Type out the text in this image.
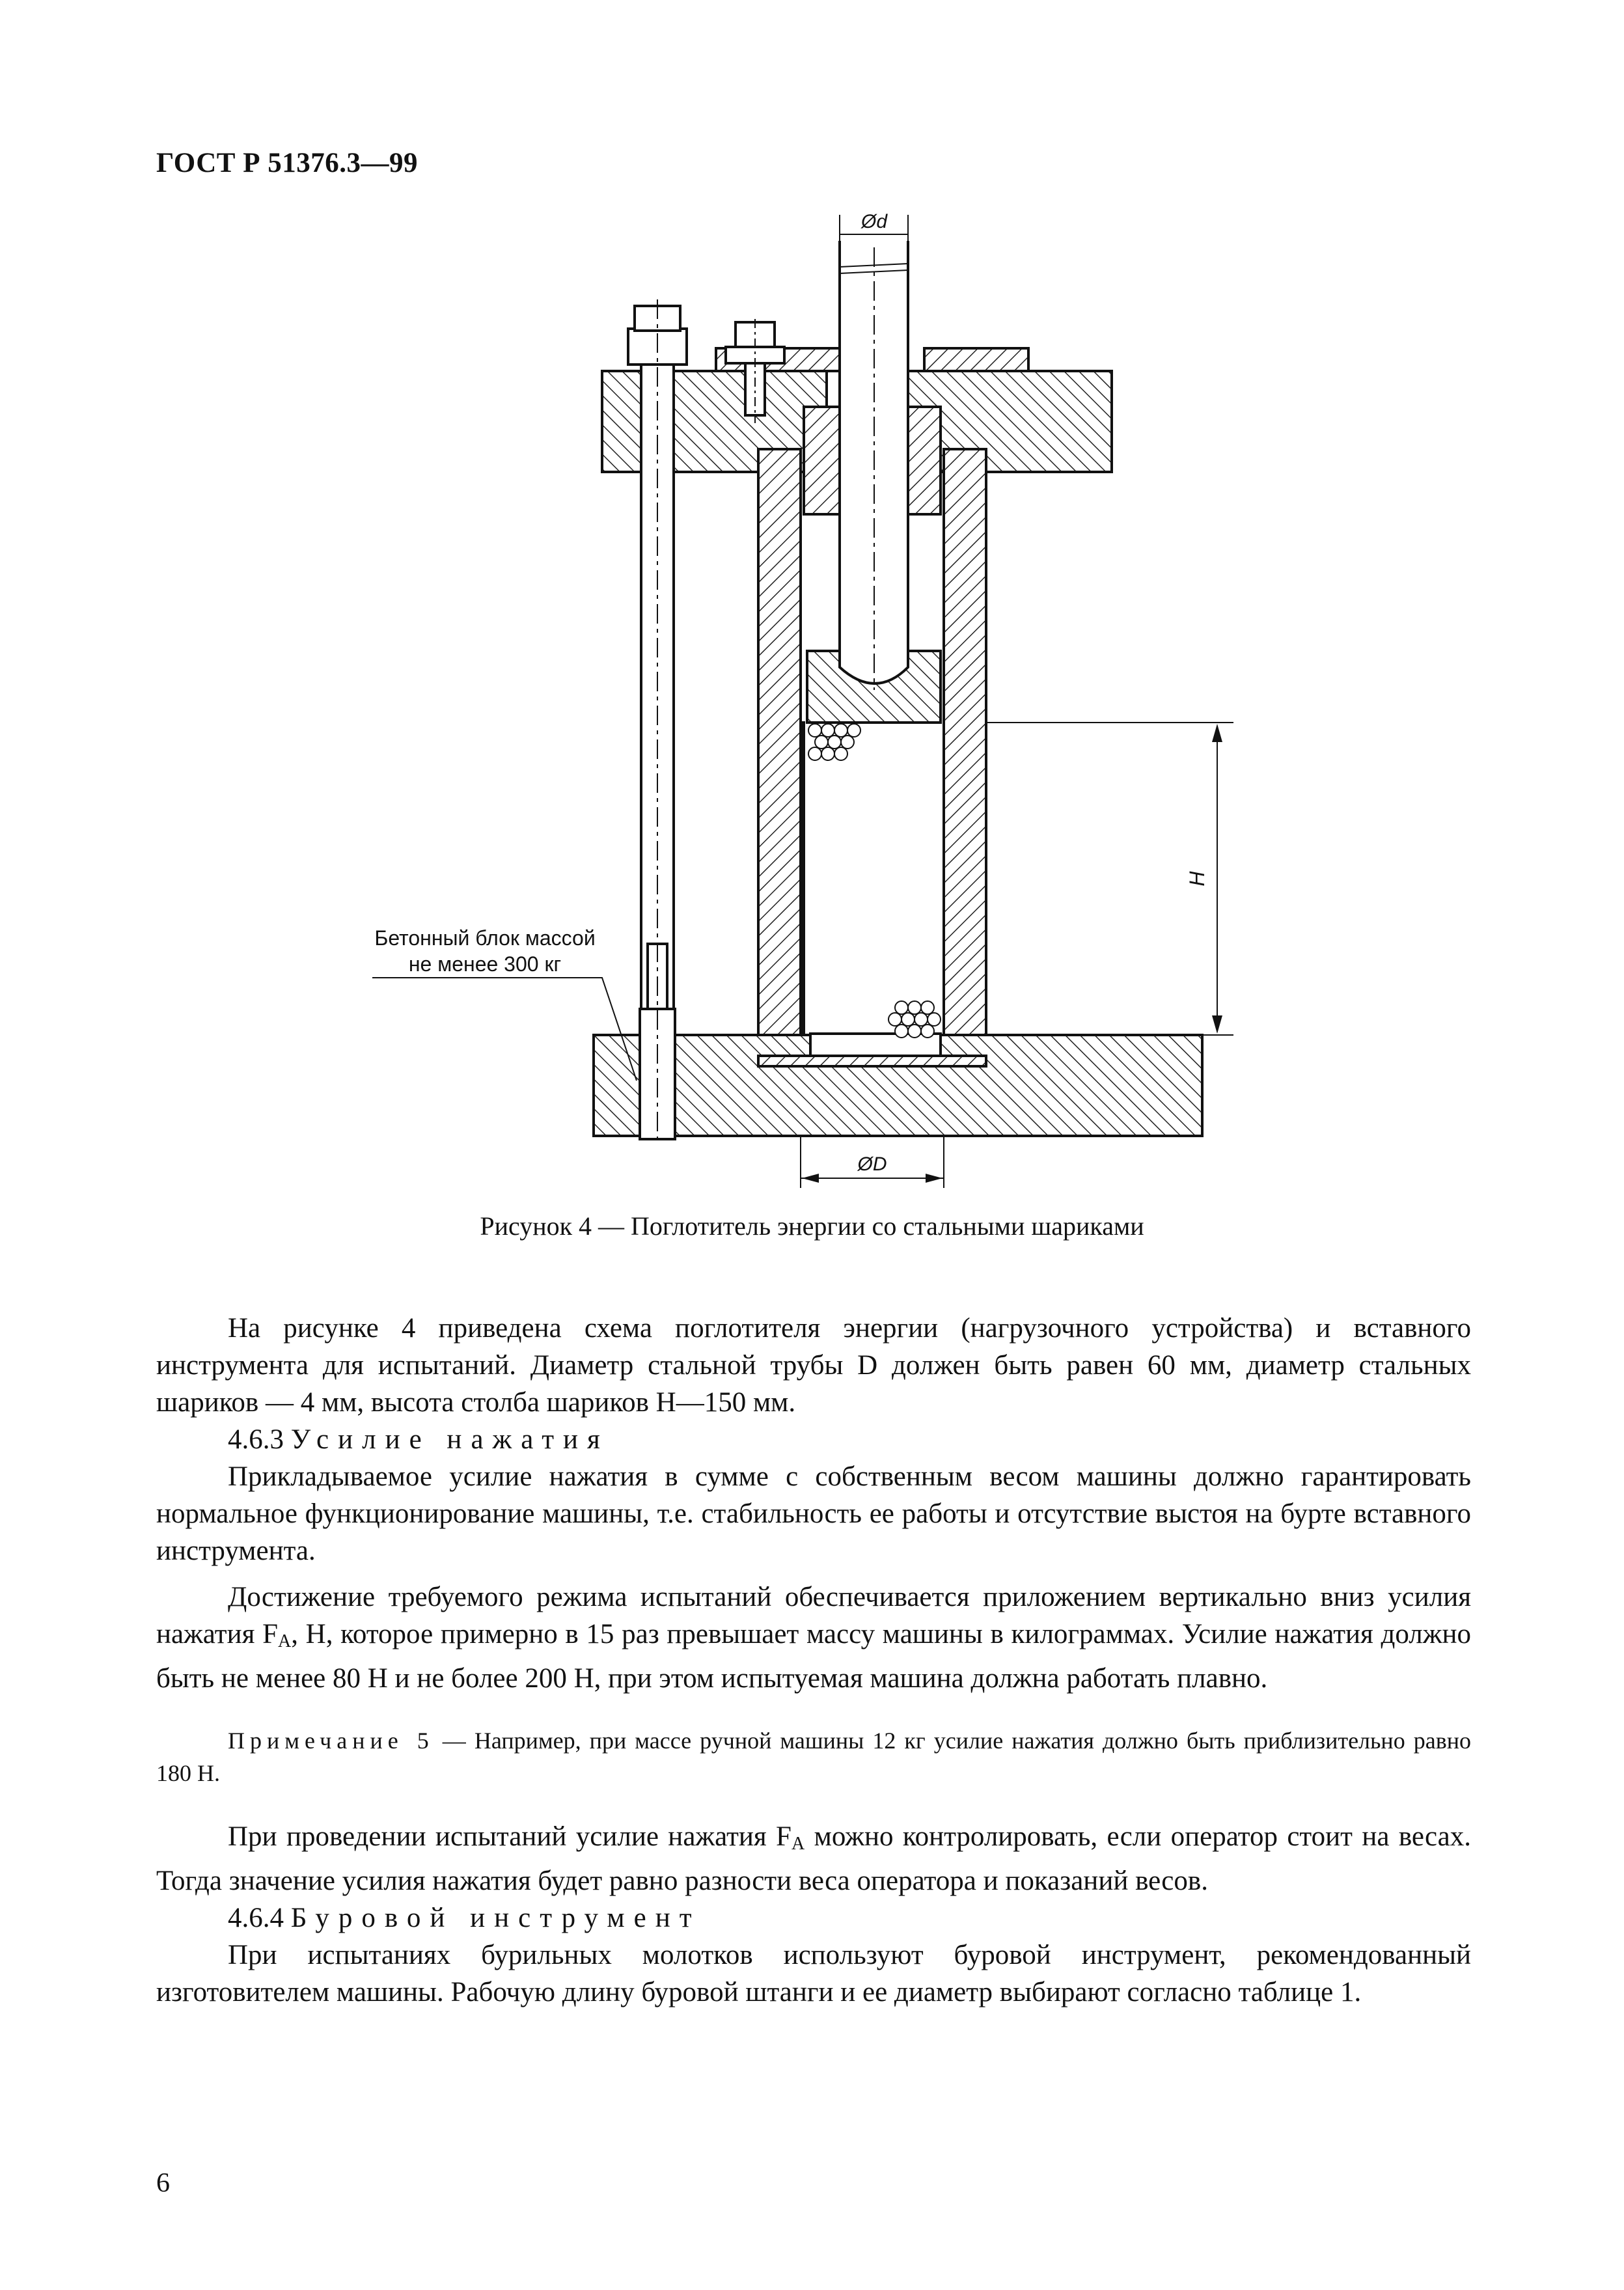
ГОСТ Р 51376.3—99
Ød
ØD
H
Бетонный блок массой
не менее 300 кг
Рисунок 4 — Поглотитель энергии со стальными шариками

На рисунке 4 приведена схема поглотителя энергии (нагрузочного устройства) и вставного инструмента для испытаний. Диаметр стальной трубы D должен быть равен 60 мм, диаметр стальных шариков — 4 мм, высота столба шариков H—150 мм.

4.6.3 Усилие нажатия

Прикладываемое усилие нажатия в сумме с собственным весом машины должно гарантировать нормальное функционирование машины, т.е. стабильность ее работы и отсутствие выстоя на бурте вставного инструмента.

Достижение требуемого режима испытаний обеспечивается приложением вертикально вниз усилия нажатия $F_A$, Н, которое примерно в 15 раз превышает массу машины в килограммах. Усилие нажатия должно быть не менее 80 Н и не более 200 Н, при этом испытуемая машина должна работать плавно.

Примечание 5 — Например, при массе ручной машины 12 кг усилие нажатия должно быть приблизительно равно 180 Н.

При проведении испытаний усилие нажатия $F_A$ можно контролировать, если оператор стоит на весах. Тогда значение усилия нажатия будет равно разности веса оператора и показаний весов.

4.6.4 Буровой инструмент

При испытаниях бурильных молотков используют буровой инструмент, рекомендованный изготовителем машины. Рабочую длину буровой штанги и ее диаметр выбирают согласно таблице 1.

6
